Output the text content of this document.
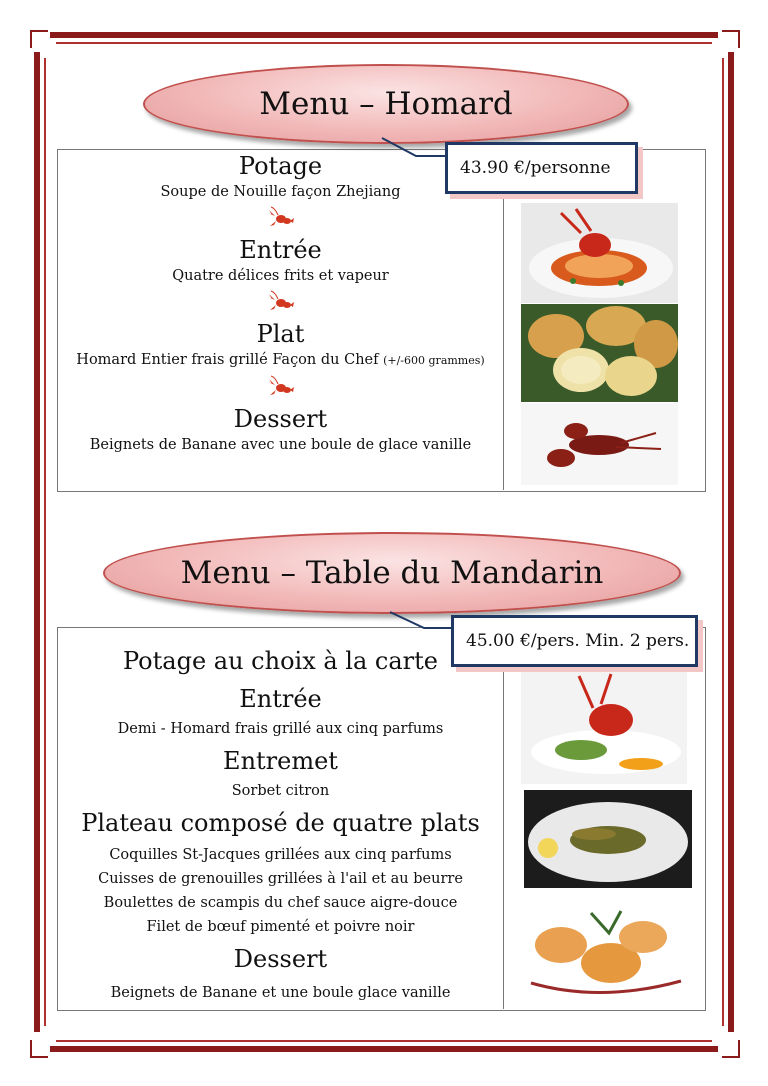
Menu – Homard
43.90 €/personne
Potage
Soupe de Nouille façon Zhejiang
Entrée
Quatre délices frits et vapeur
Plat
Homard Entier frais grillé Façon du Chef (+/-600 grammes)
Dessert
Beignets de Banane avec une boule de glace vanille
Menu – Table du Mandarin
45.00 €/pers. Min. 2 pers.
Potage au choix à la carte
Entrée
Demi - Homard frais grillé aux cinq parfums
Entremet
Sorbet citron
Plateau composé de quatre plats
Coquilles St-Jacques grillées aux cinq parfums
Cuisses de grenouilles grillées à l'ail et au beurre
Boulettes de scampis du chef sauce aigre-douce
Filet de bœuf pimenté et poivre noir
Dessert
Beignets de Banane et une boule glace vanille
